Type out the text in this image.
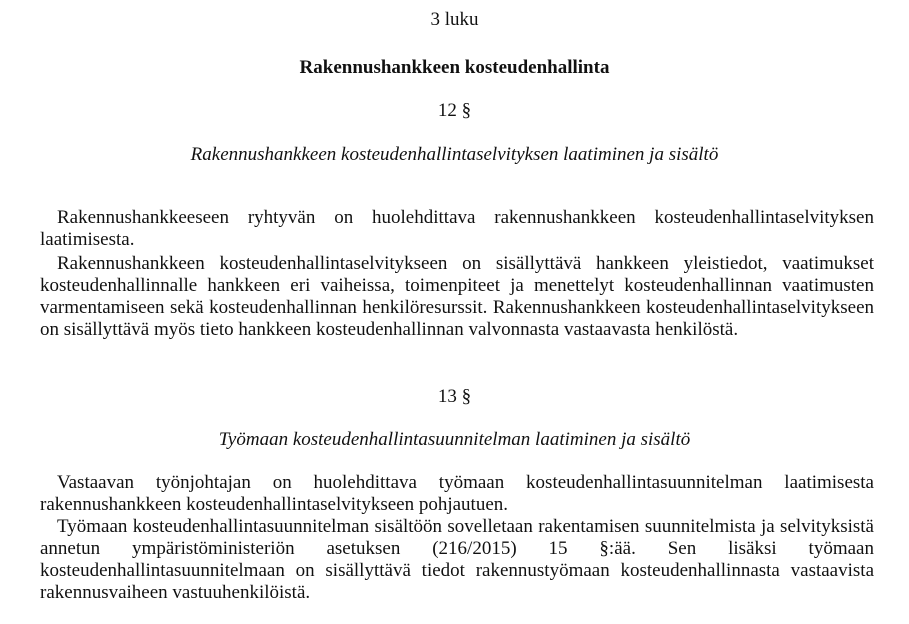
3 luku
Rakennushankkeen kosteudenhallinta
12 §
Rakennushankkeen kosteudenhallintaselvityksen laatiminen ja sisältö

Rakennushankkeeseen ryhtyvän on huolehdittava rakennushankkeen kosteudenhallintaselvityksen laatimisesta.

Rakennushankkeen kosteudenhallintaselvitykseen on sisällyttävä hankkeen yleistiedot, vaatimukset kosteudenhallinnalle hankkeen eri vaiheissa, toimenpiteet ja menettelyt kosteudenhallinnan vaatimusten varmentamiseen sekä kosteudenhallinnan henkilöresurssit. Rakennushankkeen kosteudenhallintaselvitykseen on sisällyttävä myös tieto hankkeen kosteudenhallinnan valvonnasta vastaavasta henkilöstä.

13 §
Työmaan kosteudenhallintasuunnitelman laatiminen ja sisältö

Vastaavan työnjohtajan on huolehdittava työmaan kosteudenhallintasuunnitelman laatimisesta rakennushankkeen kosteudenhallintaselvitykseen pohjautuen.

Työmaan kosteudenhallintasuunnitelman sisältöön sovelletaan rakentamisen suunnitelmista ja selvityksistä annetun ympäristöministeriön asetuksen (216/2015) 15 §:ää. Sen lisäksi työmaan kosteudenhallintasuunnitelmaan on sisällyttävä tiedot rakennustyömaan kosteudenhallinnasta vastaavista rakennusvaiheen vastuuhenkilöistä.
